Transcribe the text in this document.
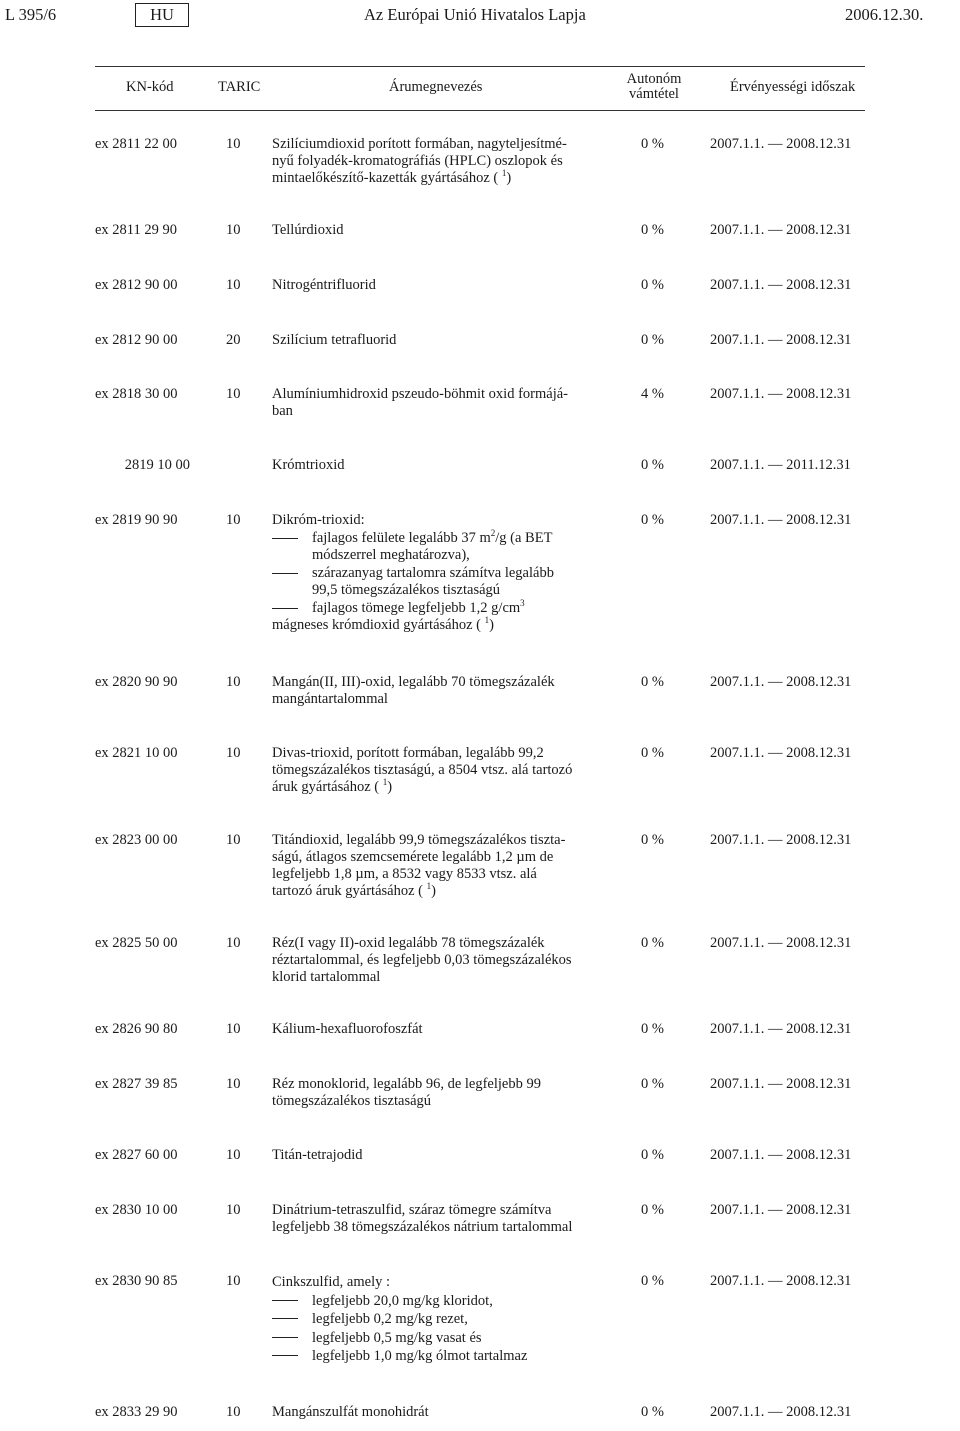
L 395/6	HU	Az Európai Unió Hivatalos Lapja	2006.12.30.
KN-kód	TARIC	Árumegnevezés	Autonóm
vámtétel	Érvényességi időszak
ex 2811 22 00	10 Szilíciumdioxid porított formában, nagyteljesítmé-
nyű folyadék-kromatográfiás (HPLC) oszlopok és
mintaelőkészítő-kazetták gyártásához ( $^1$)
0 %	2007.1.1. — 2008.12.31
ex 2811 29 90	10 Tellúrdioxid	0 %	2007.1.1. — 2008.12.31
ex 2812 90 00	10 Nitrogéntrifluorid	0 %	2007.1.1. — 2008.12.31
ex 2812 90 00	20 Szilícium tetrafluorid	0 %	2007.1.1. — 2008.12.31
ex 2818 30 00	10 Alumíniumhidroxid pszeudo-böhmit oxid formájá-
ban
4 %	2007.1.1. — 2008.12.31
2819 10 00	Krómtrioxid	0 %	2007.1.1. — 2011.12.31
ex 2819 90 90	10 Dikróm-trioxid:
fajlagos felülete legalább 37 $m^2/g$ (a BET
módszerrel meghatározva),
szárazanyag tartalomra számítva legalább
99,5 tömegszázalékos tisztaságú
fajlagos tömege legfeljebb 1,2 $g/cm^3$
mágneses krómdioxid gyártásához ( $^1$)
0 %	2007.1.1. — 2008.12.31
ex 2820 90 90	10 Mangán(II, III)-oxid, legalább 70 tömegszázalék
mangántartalommal
0 %	2007.1.1. — 2008.12.31
ex 2821 10 00	10 Divas-trioxid, porított formában, legalább 99,2
tömegszázalékos tisztaságú, a 8504 vtsz. alá tartozó
áruk gyártásához ( $^1$)
0 %	2007.1.1. — 2008.12.31
ex 2823 00 00	10 Titándioxid, legalább 99,9 tömegszázalékos tiszta-
ságú, átlagos szemcsemérete legalább 1,2 µm de
legfeljebb 1,8 µm, a 8532 vagy 8533 vtsz. alá
tartozó áruk gyártásához ( $^1$)
0 %	2007.1.1. — 2008.12.31
ex 2825 50 00	10 Réz(I vagy II)-oxid legalább 78 tömegszázalék
réztartalommal, és legfeljebb 0,03 tömegszázalékos
klorid tartalommal
0 %	2007.1.1. — 2008.12.31
ex 2826 90 80	10 Kálium-hexafluorofoszfát	0 %	2007.1.1. — 2008.12.31
ex 2827 39 85	10 Réz monoklorid, legalább 96, de legfeljebb 99
tömegszázalékos tisztaságú
0 %	2007.1.1. — 2008.12.31
ex 2827 60 00	10 Titán-tetrajodid	0 %	2007.1.1. — 2008.12.31
ex 2830 10 00	10 Dinátrium-tetraszulfid, száraz tömegre számítva
legfeljebb 38 tömegszázalékos nátrium tartalommal
0 %	2007.1.1. — 2008.12.31
ex 2830 90 85	10 Cinkszulfid, amely :
legfeljebb 20,0 mg/kg kloridot,
legfeljebb 0,2 mg/kg rezet,
legfeljebb 0,5 mg/kg vasat és
legfeljebb 1,0 mg/kg ólmot tartalmaz
0 %	2007.1.1. — 2008.12.31
ex 2833 29 90	10 Mangánszulfát monohidrát	0 %	2007.1.1. — 2008.12.31
